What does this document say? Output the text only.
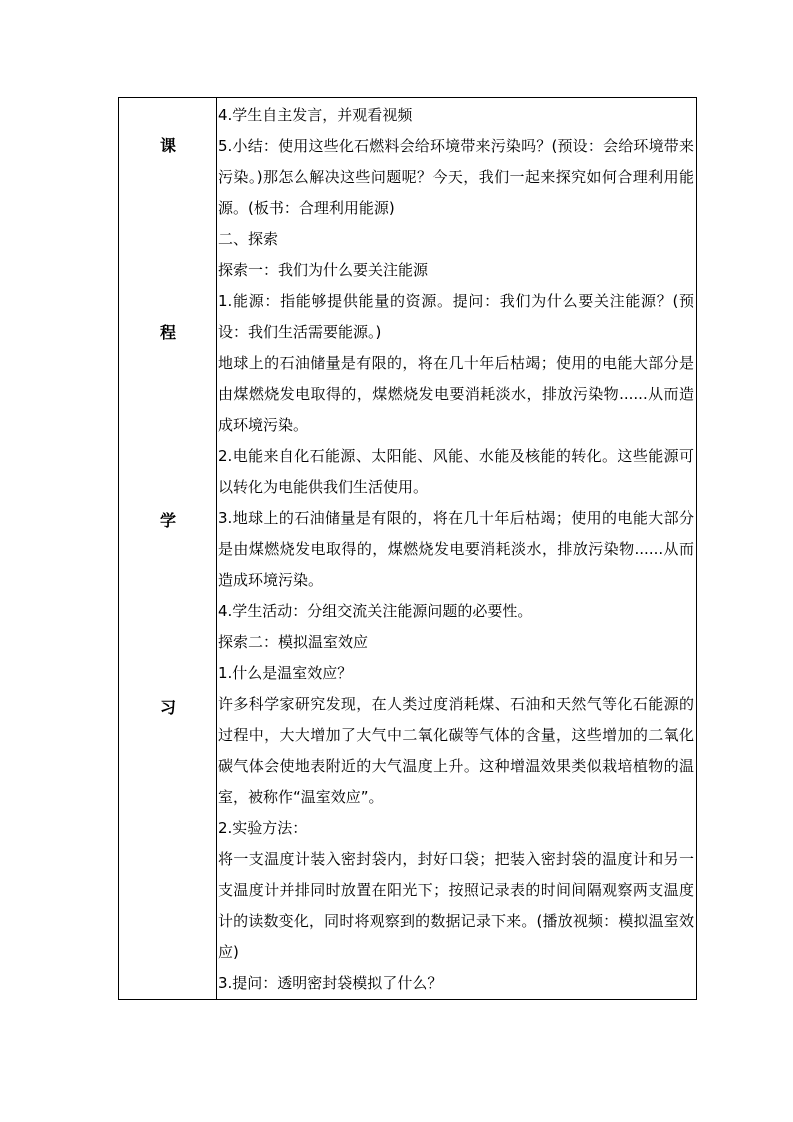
课
程
学
习

4.学生自主发言，并观看视频

5.小结：使用这些化石燃料会给环境带来污染吗？(预设：会给环境带来污染。)那怎么解决这些问题呢？今天，我们一起来探究如何合理利用能源。(板书：合理利用能源)

二、探索

探索一：我们为什么要关注能源

1.能源：指能够提供能量的资源。提问：我们为什么要关注能源？(预设：我们生活需要能源。)

地球上的石油储量是有限的，将在几十年后枯竭；使用的电能大部分是由煤燃烧发电取得的，煤燃烧发电要消耗淡水，排放污染物......从而造成环境污染。

2.电能来自化石能源、太阳能、风能、水能及核能的转化。这些能源可以转化为电能供我们生活使用。

3.地球上的石油储量是有限的，将在几十年后枯竭；使用的电能大部分是由煤燃烧发电取得的，煤燃烧发电要消耗淡水，排放污染物......从而造成环境污染。

4.学生活动：分组交流关注能源问题的必要性。

探索二：模拟温室效应

1.什么是温室效应？

许多科学家研究发现，在人类过度消耗煤、石油和天然气等化石能源的过程中，大大增加了大气中二氧化碳等气体的含量，这些增加的二氧化碳气体会使地表附近的大气温度上升。这种增温效果类似栽培植物的温室，被称作“温室效应”。

2.实验方法：

将一支温度计装入密封袋内，封好口袋；把装入密封袋的温度计和另一支温度计并排同时放置在阳光下；按照记录表的时间间隔观察两支温度计的读数变化，同时将观察到的数据记录下来。(播放视频：模拟温室效应)

3.提问：透明密封袋模拟了什么？
